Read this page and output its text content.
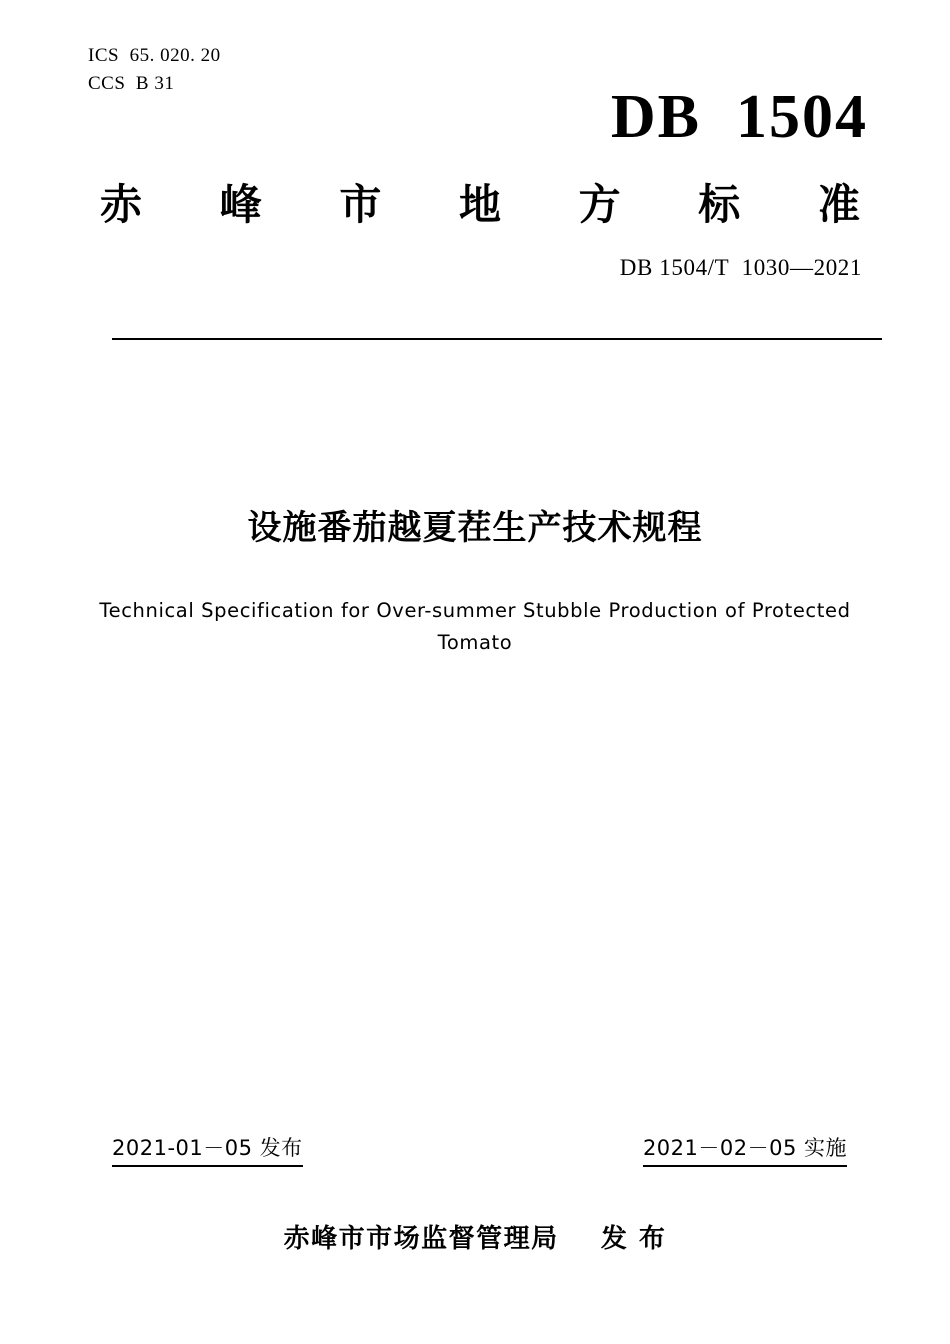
ICS  65. 020. 20
CCS  B 31	DB  1504
赤 峰 市 地 方 标 准
DB 1504/T  1030—2021
设施番茄越夏茬生产技术规程
Technical Specification for Over-summer Stubble Production of Protected Tomato
2021-01－05 发布	2021－02－05 实施
赤峰市市场监督管理局    发 布
